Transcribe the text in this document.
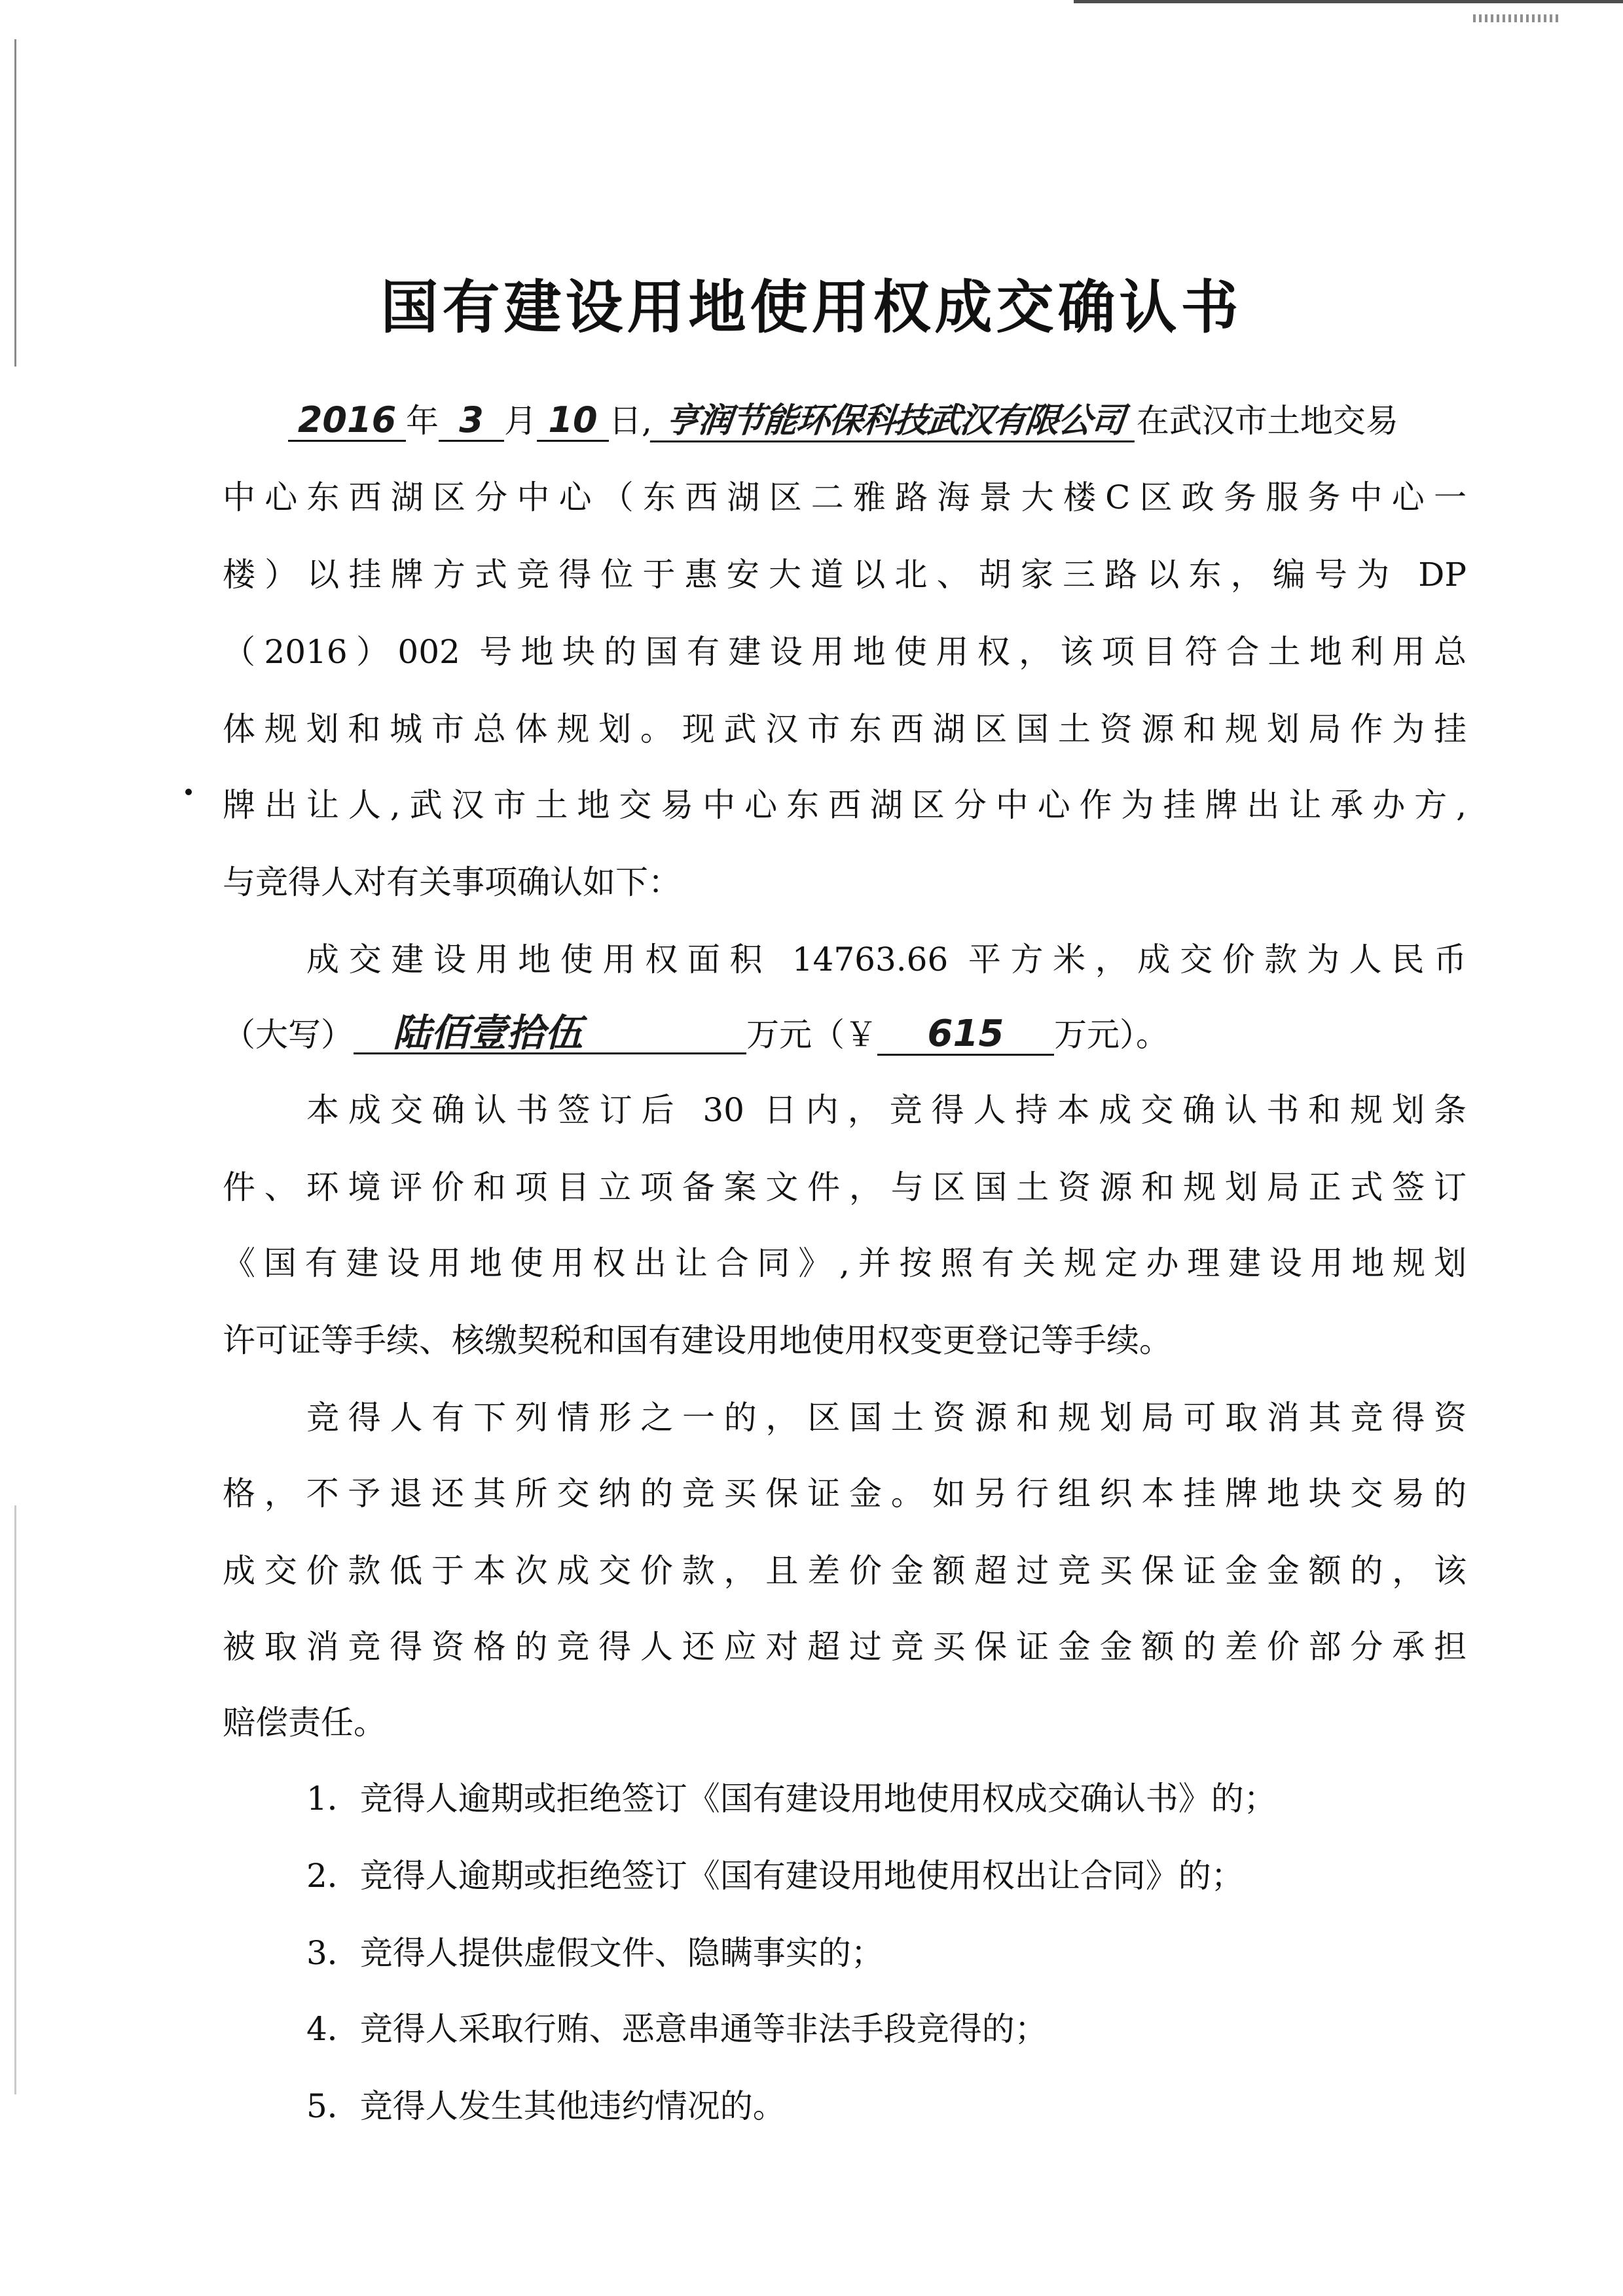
国有建设用地使用权成交确认书

2016 年 3 月 10 日, 亨润节能环保科技武汉有限公司 在武汉市土地交易

中心东西湖区分中心（东西湖区二雅路海景大楼C区政务服务中心一

楼）以挂牌方式竞得位于惠安大道以北、胡家三路以东，编号为 DP

（2016）002 号地块的国有建设用地使用权，该项目符合土地利用总

体规划和城市总体规划。现武汉市东西湖区国土资源和规划局作为挂

牌出让人,武汉市土地交易中心东西湖区分中心作为挂牌出让承办方,

与竞得人对有关事项确认如下：

成交建设用地使用权面积 14763.66 平方米，成交价款为人民币

（大写） 陆佰壹拾伍	万元（￥ 615 万元）。

本成交确认书签订后 30 日内，竞得人持本成交确认书和规划条

件、环境评价和项目立项备案文件，与区国土资源和规划局正式签订

《国有建设用地使用权出让合同》,并按照有关规定办理建设用地规划

许可证等手续、核缴契税和国有建设用地使用权变更登记等手续。

竞得人有下列情形之一的，区国土资源和规划局可取消其竞得资

格，不予退还其所交纳的竞买保证金。如另行组织本挂牌地块交易的

成交价款低于本次成交价款，且差价金额超过竞买保证金金额的，该

被取消竞得资格的竞得人还应对超过竞买保证金金额的差价部分承担

赔偿责任。

1．竞得人逾期或拒绝签订《国有建设用地使用权成交确认书》的；

2．竞得人逾期或拒绝签订《国有建设用地使用权出让合同》的；

3．竞得人提供虚假文件、隐瞒事实的；

4．竞得人采取行贿、恶意串通等非法手段竞得的；

5．竞得人发生其他违约情况的。
